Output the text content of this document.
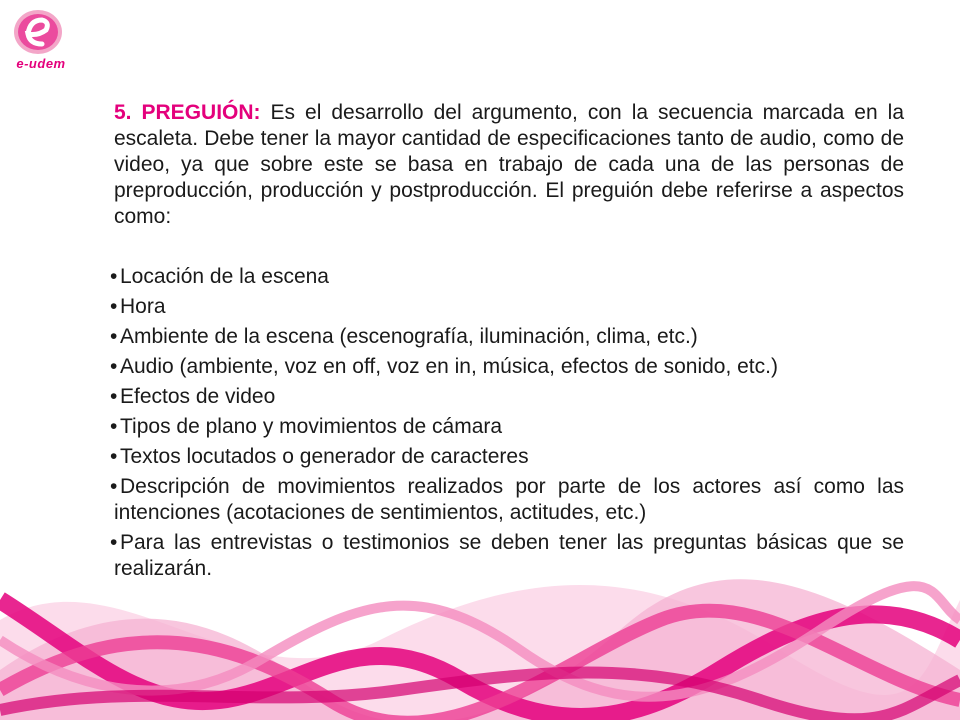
e-udem

5. PREGUIÓN: Es el desarrollo del argumento, con la secuencia marcada en la escaleta. Debe tener la mayor cantidad de especificaciones tanto de audio, como de video, ya que sobre este se basa en trabajo de cada una de las personas de preproducción, producción y postproducción. El preguión debe referirse a aspectos como:

• Locación de la escena
• Hora
• Ambiente de la escena (escenografía, iluminación, clima, etc.)
• Audio (ambiente, voz en off, voz en in, música, efectos de sonido, etc.)
• Efectos de video
• Tipos de plano y movimientos de cámara
• Textos locutados o generador de caracteres
• Descripción de movimientos realizados por parte de los actores así como las intenciones (acotaciones de sentimientos, actitudes, etc.)
• Para las entrevistas o testimonios se deben tener las preguntas básicas que se realizarán.
